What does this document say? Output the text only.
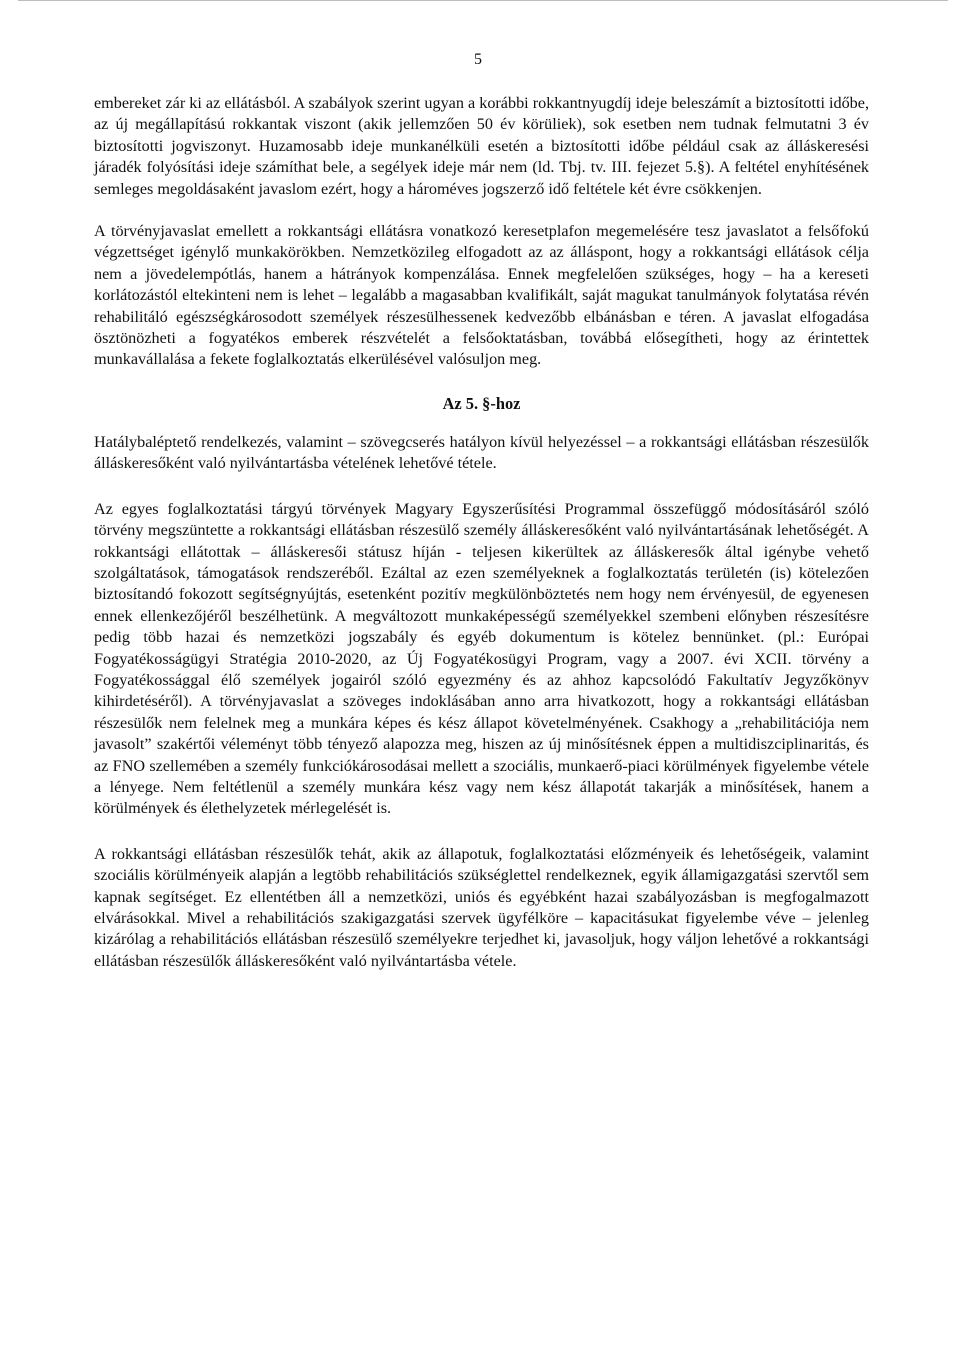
5

embereket zár ki az ellátásból. A szabályok szerint ugyan a korábbi rokkantnyugdíj ideje beleszámít a biztosítotti időbe, az új megállapítású rokkantak viszont (akik jellemzően 50 év körüliek), sok esetben nem tudnak felmutatni 3 év biztosítotti jogviszonyt. Huzamosabb ideje munkanélküli esetén a biztosítotti időbe például csak az álláskeresési járadék folyósítási ideje számíthat bele, a segélyek ideje már nem (ld. Tbj. tv. III. fejezet 5.§). A feltétel enyhítésének semleges megoldásaként javaslom ezért, hogy a hároméves jogszerző idő feltétele két évre csökkenjen.

A törvényjavaslat emellett a rokkantsági ellátásra vonatkozó keresetplafon megemelésére tesz javaslatot a felsőfokú végzettséget igénylő munkakörökben. Nemzetközileg elfogadott az az álláspont, hogy a rokkantsági ellátások célja nem a jövedelempótlás, hanem a hátrányok kompenzálása. Ennek megfelelően szükséges, hogy – ha a kereseti korlátozástól eltekinteni nem is lehet – legalább a magasabban kvalifikált, saját magukat tanulmányok folytatása révén rehabilitáló egészségkárosodott személyek részesülhessenek kedvezőbb elbánásban e téren. A javaslat elfogadása ösztönözheti a fogyatékos emberek részvételét a felsőoktatásban, továbbá elősegítheti, hogy az érintettek munkavállalása a fekete foglalkoztatás elkerülésével valósuljon meg.

Az 5. §-hoz

Hatálybaléptető rendelkezés, valamint – szövegcserés hatályon kívül helyezéssel – a rokkantsági ellátásban részesülők álláskeresőként való nyilvántartásba vételének lehetővé tétele.

Az egyes foglalkoztatási tárgyú törvények Magyary Egyszerűsítési Programmal összefüggő módosításáról szóló törvény megszüntette a rokkantsági ellátásban részesülő személy álláskeresőként való nyilvántartásának lehetőségét. A rokkantsági ellátottak – álláskeresői státusz híján - teljesen kikerültek az álláskeresők által igénybe vehető szolgáltatások, támogatások rendszeréből. Ezáltal az ezen személyeknek a foglalkoztatás területén (is) kötelezően biztosítandó fokozott segítségnyújtás, esetenként pozitív megkülönböztetés nem hogy nem érvényesül, de egyenesen ennek ellenkezőjéről beszélhetünk. A megváltozott munkaképességű személyekkel szembeni előnyben részesítésre pedig több hazai és nemzetközi jogszabály és egyéb dokumentum is kötelez bennünket. (pl.: Európai Fogyatékosságügyi Stratégia 2010-2020, az Új Fogyatékosügyi Program, vagy a 2007. évi XCII. törvény a Fogyatékossággal élő személyek jogairól szóló egyezmény és az ahhoz kapcsolódó Fakultatív Jegyzőkönyv kihirdetéséről). A törvényjavaslat a szöveges indoklásában anno arra hivatkozott, hogy a rokkantsági ellátásban részesülők nem felelnek meg a munkára képes és kész állapot követelményének. Csakhogy a „rehabilitációja nem javasolt” szakértői véleményt több tényező alapozza meg, hiszen az új minősítésnek éppen a multidiszciplinaritás, és az FNO szellemében a személy funkciókárosodásai mellett a szociális, munkaerő-piaci körülmények figyelembe vétele a lényege. Nem feltétlenül a személy munkára kész vagy nem kész állapotát takarják a minősítések, hanem a körülmények és élethelyzetek mérlegelését is.

A rokkantsági ellátásban részesülők tehát, akik az állapotuk, foglalkoztatási előzményeik és lehetőségeik, valamint szociális körülményeik alapján a legtöbb rehabilitációs szükséglettel rendelkeznek, egyik államigazgatási szervtől sem kapnak segítséget. Ez ellentétben áll a nemzetközi, uniós és egyébként hazai szabályozásban is megfogalmazott elvárásokkal. Mivel a rehabilitációs szakigazgatási szervek ügyfélköre – kapacitásukat figyelembe véve – jelenleg kizárólag a rehabilitációs ellátásban részesülő személyekre terjedhet ki, javasoljuk, hogy váljon lehetővé a rokkantsági ellátásban részesülők álláskeresőként való nyilvántartásba vétele.
